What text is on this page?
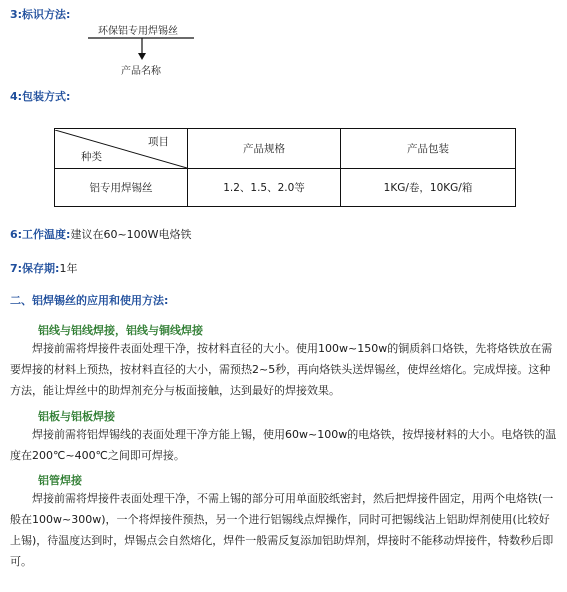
3:标识方法:
环保铝专用焊锡丝
产品名称
4:包装方式:
项目
种类	产品规格	产品包装
铝专用焊锡丝	1.2、1.5、2.0等	1KG/卷，10KG/箱
6:工作温度:建议在60~100W电烙铁
7:保存期:1年
二、铝焊锡丝的应用和使用方法:
铝线与铝线焊接，铝线与铜线焊接
焊接前需将焊接件表面处理干净，按材料直径的大小。使用100w~150w的铜质斜口烙铁，先将烙铁放在需要焊接的材料上预热，按材料直径的大小，需预热2~5秒，再向烙铁头送焊锡丝，使焊丝熔化。完成焊接。这种方法，能让焊丝中的助焊剂充分与板面接触，达到最好的焊接效果。
铝板与铝板焊接
焊接前需将铝焊锡线的表面处理干净方能上锡，使用60w~100w的电烙铁，按焊接材料的大小。电烙铁的温度在200℃~400℃之间即可焊接。
铝管焊接
焊接前需将焊接件表面处理干净，不需上锡的部分可用单面胶纸密封，然后把焊接件固定，用两个电烙铁(一般在100w~300w)，一个将焊接件预热，另一个进行铝锡线点焊操作，同时可把锡线沾上铝助焊剂使用(比较好上锡)，待温度达到时，焊锡点会自然熔化，焊件一般需反复添加铝助焊剂，焊接时不能移动焊接件，特数秒后即可。
